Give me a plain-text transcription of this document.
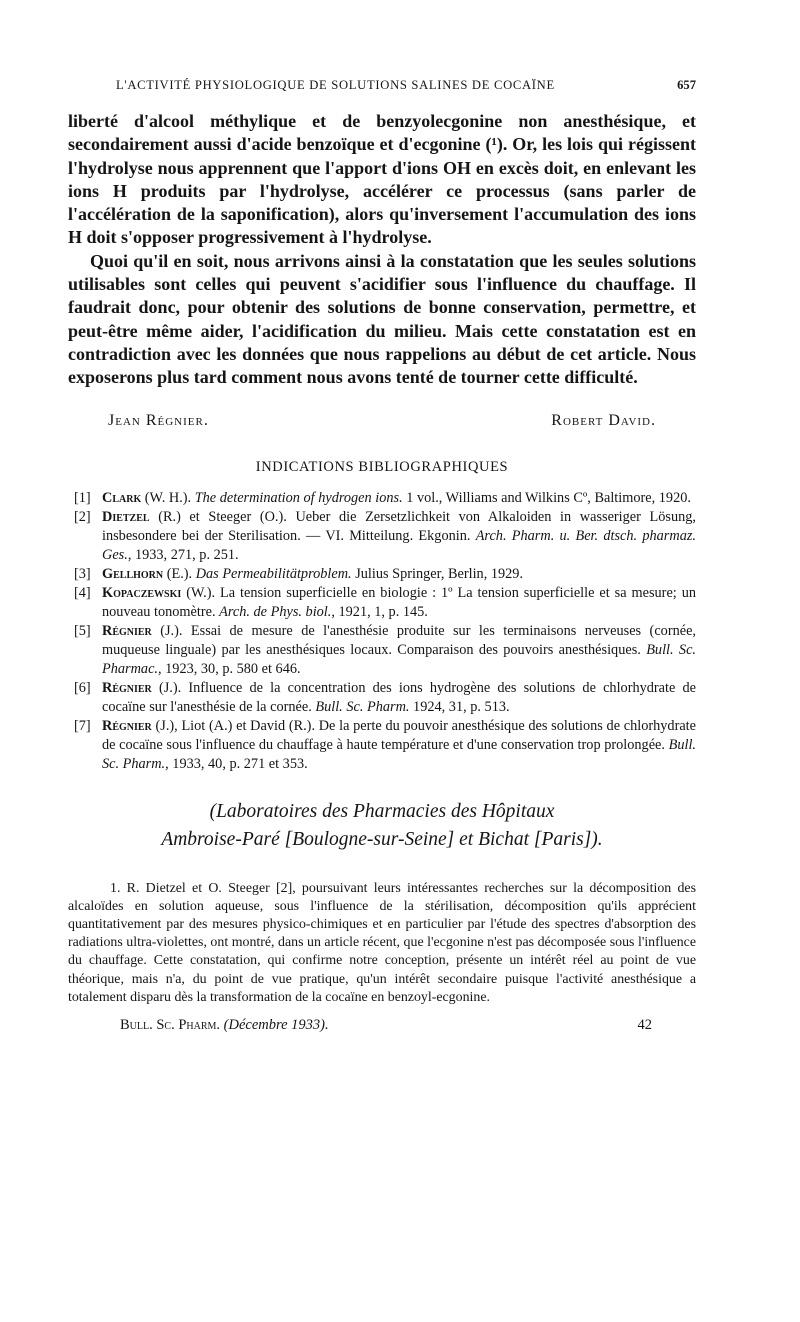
L'ACTIVITÉ PHYSIOLOGIQUE DE SOLUTIONS SALINES DE COCAÏNE	657

liberté d'alcool méthylique et de benzyolecgonine non anesthésique, et secondairement aussi d'acide benzoïque et d'ecgonine (¹). Or, les lois qui régissent l'hydrolyse nous apprennent que l'apport d'ions OH en excès doit, en enlevant les ions H produits par l'hydrolyse, accélérer ce processus (sans parler de l'accélération de la saponification), alors qu'inversement l'accumulation des ions H doit s'opposer progressivement à l'hydrolyse.

Quoi qu'il en soit, nous arrivons ainsi à la constatation que les seules solutions utilisables sont celles qui peuvent s'acidifier sous l'influence du chauffage. Il faudrait donc, pour obtenir des solutions de bonne conservation, permettre, et peut-être même aider, l'acidification du milieu. Mais cette constatation est en contradiction avec les données que nous rappelions au début de cet article. Nous exposerons plus tard comment nous avons tenté de tourner cette difficulté.

Jean Régnier.	Robert David.
INDICATIONS BIBLIOGRAPHIQUES
[1] Clark (W. H.). The determination of hydrogen ions. 1 vol., Williams and Wilkins Cº, Baltimore, 1920.
[2] Dietzel (R.) et Steeger (O.). Ueber die Zersetzlichkeit von Alkaloiden in wasseriger Lösung, insbesondere bei der Sterilisation. — VI. Mitteilung. Ekgonin. Arch. Pharm. u. Ber. dtsch. pharmaz. Ges., 1933, 271, p. 251.
[3] Gellhorn (E.). Das Permeabilitätproblem. Julius Springer, Berlin, 1929.
[4] Kopaczewski (W.). La tension superficielle en biologie : 1º La tension superficielle et sa mesure; un nouveau tonomètre. Arch. de Phys. biol., 1921, 1, p. 145.
[5] Régnier (J.). Essai de mesure de l'anesthésie produite sur les terminaisons nerveuses (cornée, muqueuse linguale) par les anesthésiques locaux. Comparaison des pouvoirs anesthésiques. Bull. Sc. Pharmac., 1923, 30, p. 580 et 646.
[6] Régnier (J.). Influence de la concentration des ions hydrogène des solutions de chlorhydrate de cocaïne sur l'anesthésie de la cornée. Bull. Sc. Pharm. 1924, 31, p. 513.
[7] Régnier (J.), Liot (A.) et David (R.). De la perte du pouvoir anesthésique des solutions de chlorhydrate de cocaïne sous l'influence du chauffage à haute température et d'une conservation trop prolongée. Bull. Sc. Pharm., 1933, 40, p. 271 et 353.
(Laboratoires des Pharmacies des Hôpitaux
Ambroise-Paré [Boulogne-sur-Seine] et Bichat [Paris]).

1. R. Dietzel et O. Steeger [2], poursuivant leurs intéressantes recherches sur la décomposition des alcaloïdes en solution aqueuse, sous l'influence de la stérilisation, décomposition qu'ils apprécient quantitativement par des mesures physico-chimiques et en particulier par l'étude des spectres d'absorption des radiations ultra-violettes, ont montré, dans un article récent, que l'ecgonine n'est pas décomposée sous l'influence du chauffage. Cette constatation, qui confirme notre conception, présente un intérêt réel au point de vue théorique, mais n'a, du point de vue pratique, qu'un intérêt secondaire puisque l'activité anesthésique a totalement disparu dès la transformation de la cocaïne en benzoyl-ecgonine.

Bull. Sc. Pharm. (Décembre 1933).	42
